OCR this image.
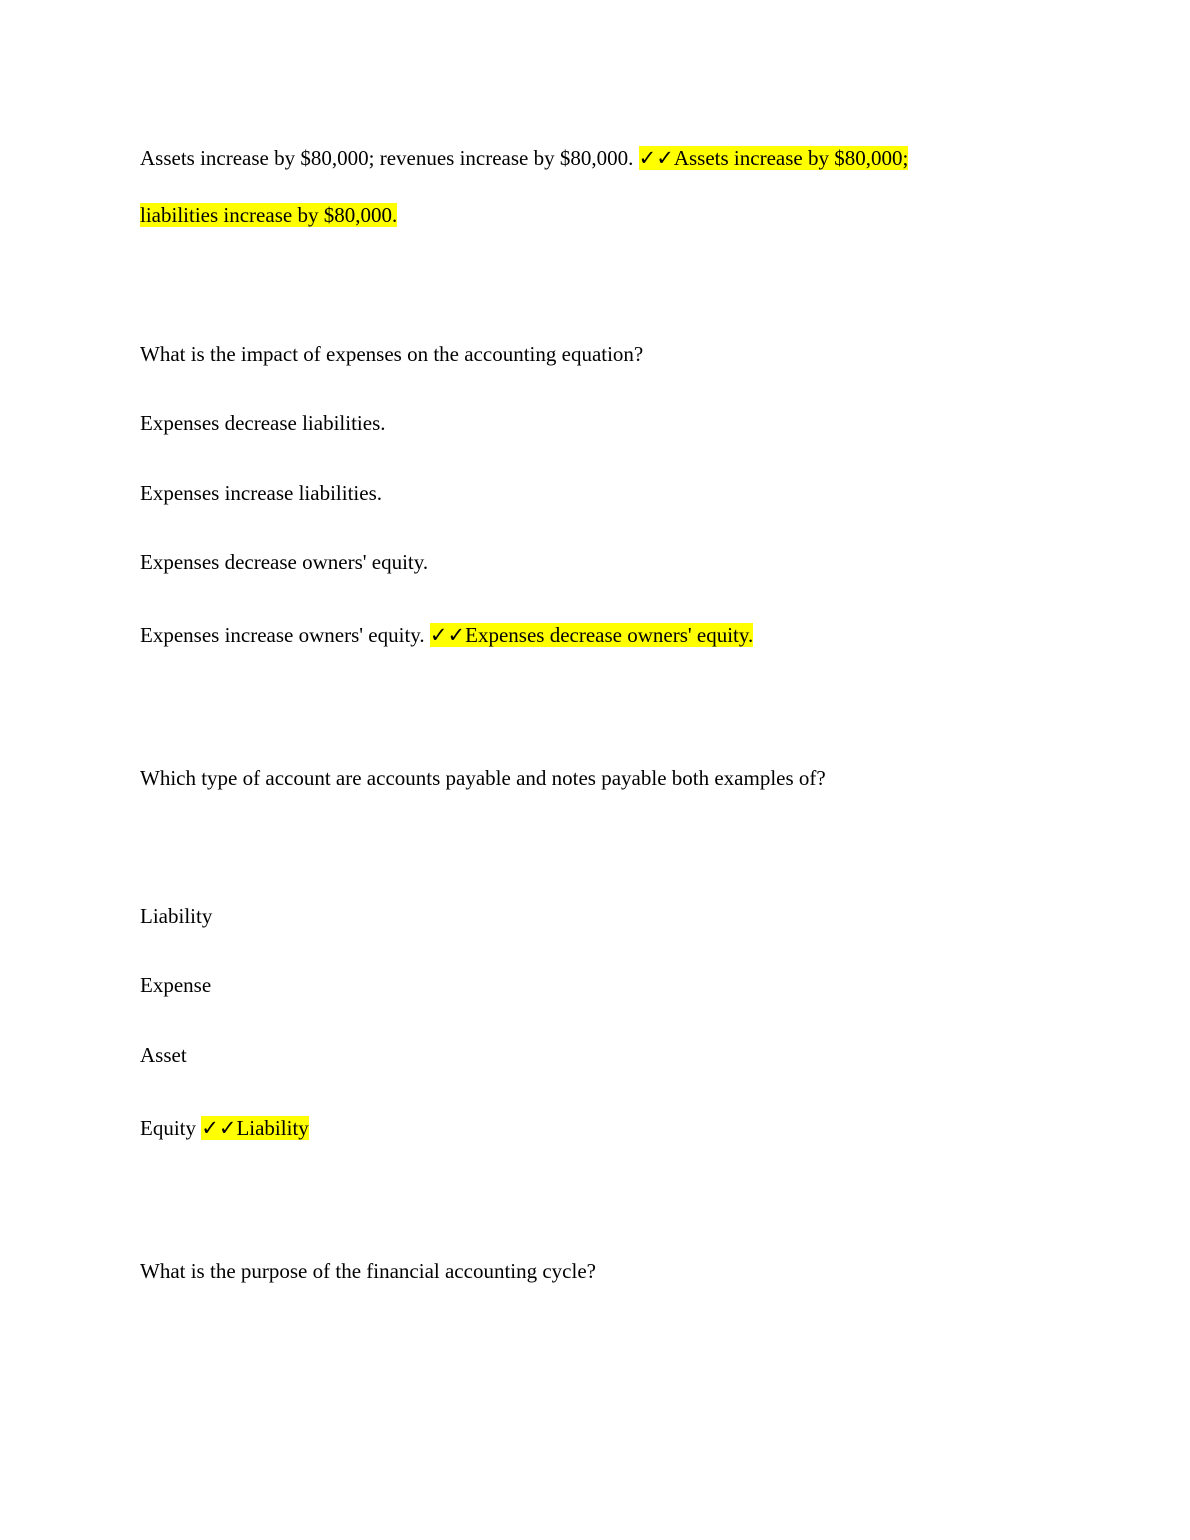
Assets increase by $80,000; revenues increase by $80,000. ✓✓Assets increase by $80,000;
liabilities increase by $80,000.
What is the impact of expenses on the accounting equation?
Expenses decrease liabilities.
Expenses increase liabilities.
Expenses decrease owners' equity.
Expenses increase owners' equity. ✓✓Expenses decrease owners' equity.
Which type of account are accounts payable and notes payable both examples of?
Liability
Expense
Asset
Equity ✓✓Liability
What is the purpose of the financial accounting cycle?
